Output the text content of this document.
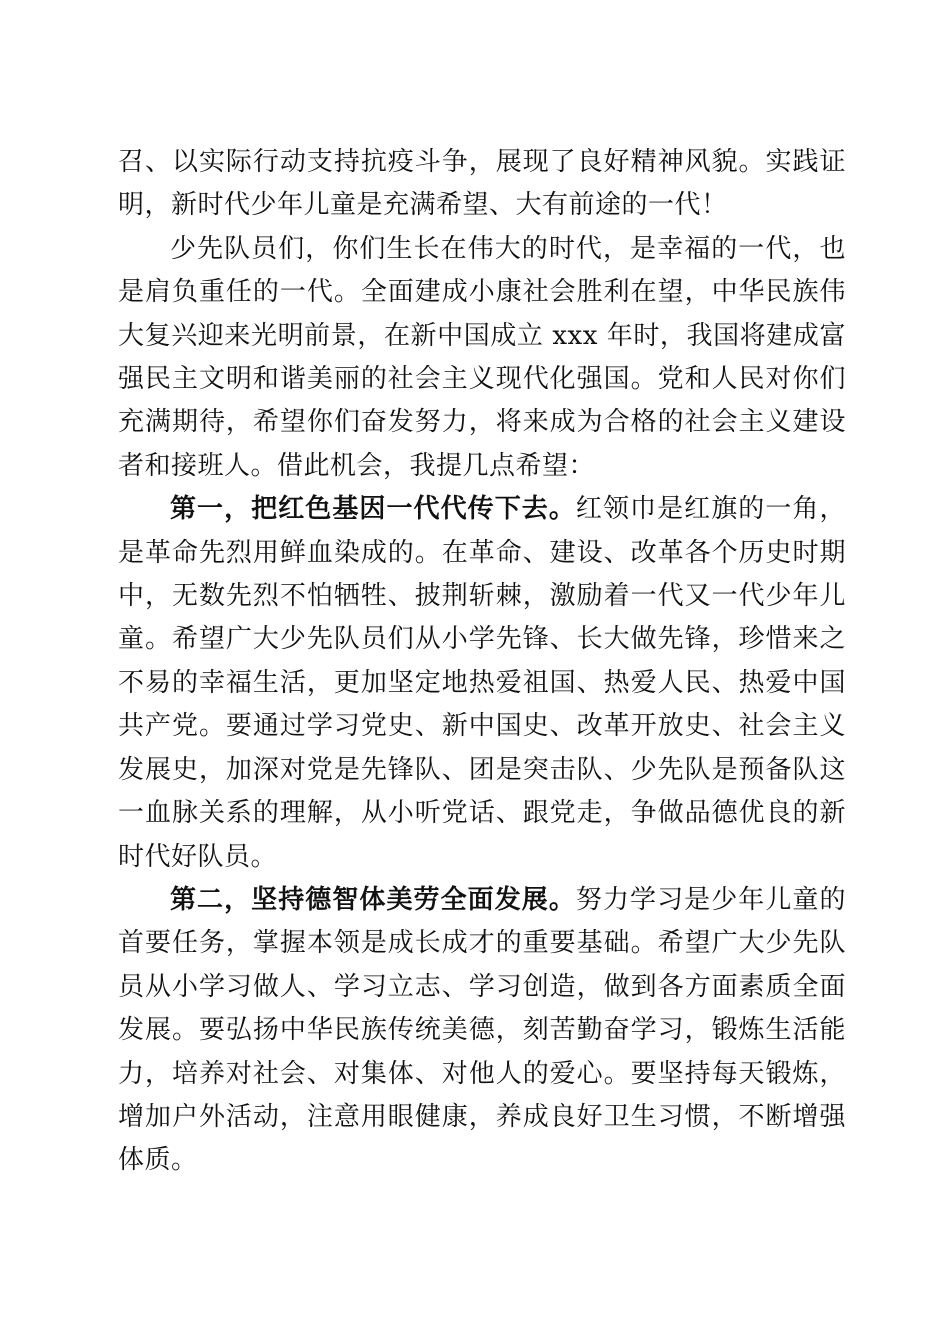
召、以实际行动支持抗疫斗争，展现了良好精神风貌。实践证明，新时代少年儿童是充满希望、大有前途的一代！

少先队员们，你们生长在伟大的时代，是幸福的一代，也是肩负重任的一代。全面建成小康社会胜利在望，中华民族伟大复兴迎来光明前景，在新中国成立 xxx 年时，我国将建成富强民主文明和谐美丽的社会主义现代化强国。党和人民对你们充满期待，希望你们奋发努力，将来成为合格的社会主义建设者和接班人。借此机会，我提几点希望：

第一，把红色基因一代代传下去。红领巾是红旗的一角，是革命先烈用鲜血染成的。在革命、建设、改革各个历史时期中，无数先烈不怕牺牲、披荆斩棘，激励着一代又一代少年儿童。希望广大少先队员们从小学先锋、长大做先锋，珍惜来之不易的幸福生活，更加坚定地热爱祖国、热爱人民、热爱中国共产党。要通过学习党史、新中国史、改革开放史、社会主义发展史，加深对党是先锋队、团是突击队、少先队是预备队这一血脉关系的理解，从小听党话、跟党走，争做品德优良的新时代好队员。

第二，坚持德智体美劳全面发展。努力学习是少年儿童的首要任务，掌握本领是成长成才的重要基础。希望广大少先队员从小学习做人、学习立志、学习创造，做到各方面素质全面发展。要弘扬中华民族传统美德，刻苦勤奋学习，锻炼生活能力，培养对社会、对集体、对他人的爱心。要坚持每天锻炼，增加户外活动，注意用眼健康，养成良好卫生习惯，不断增强体质。
